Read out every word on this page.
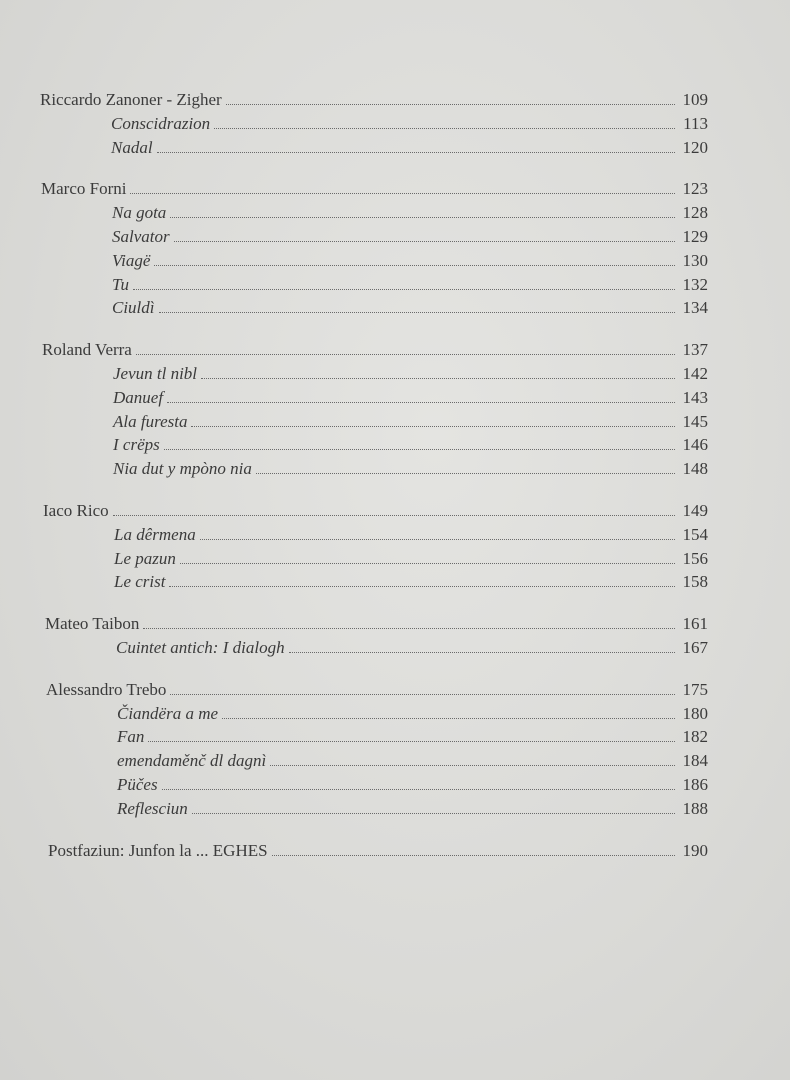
Riccardo Zanoner - Zigher	109
Conscidrazion	113
Nadal	120
Marco Forni	123
Na gota	128
Salvator	129
Viagë	130
Tu	132
Ciuldì	134
Roland Verra	137
Jevun tl nibl	142
Danuef	143
Ala furesta	145
I crëps	146
Nia dut y mpòno nia	148
Iaco Rico	149
La dêrmena	154
Le pazun	156
Le crist	158
Mateo Taibon	161
Cuintet antich: I dialogh	167
Alessandro Trebo	175
Čiandëra a me	180
Fan	182
emendaměnč dl dagnì	184
Püčes	186
Reflesciun	188
Postfaziun: Junfon la ... EGHES	190
